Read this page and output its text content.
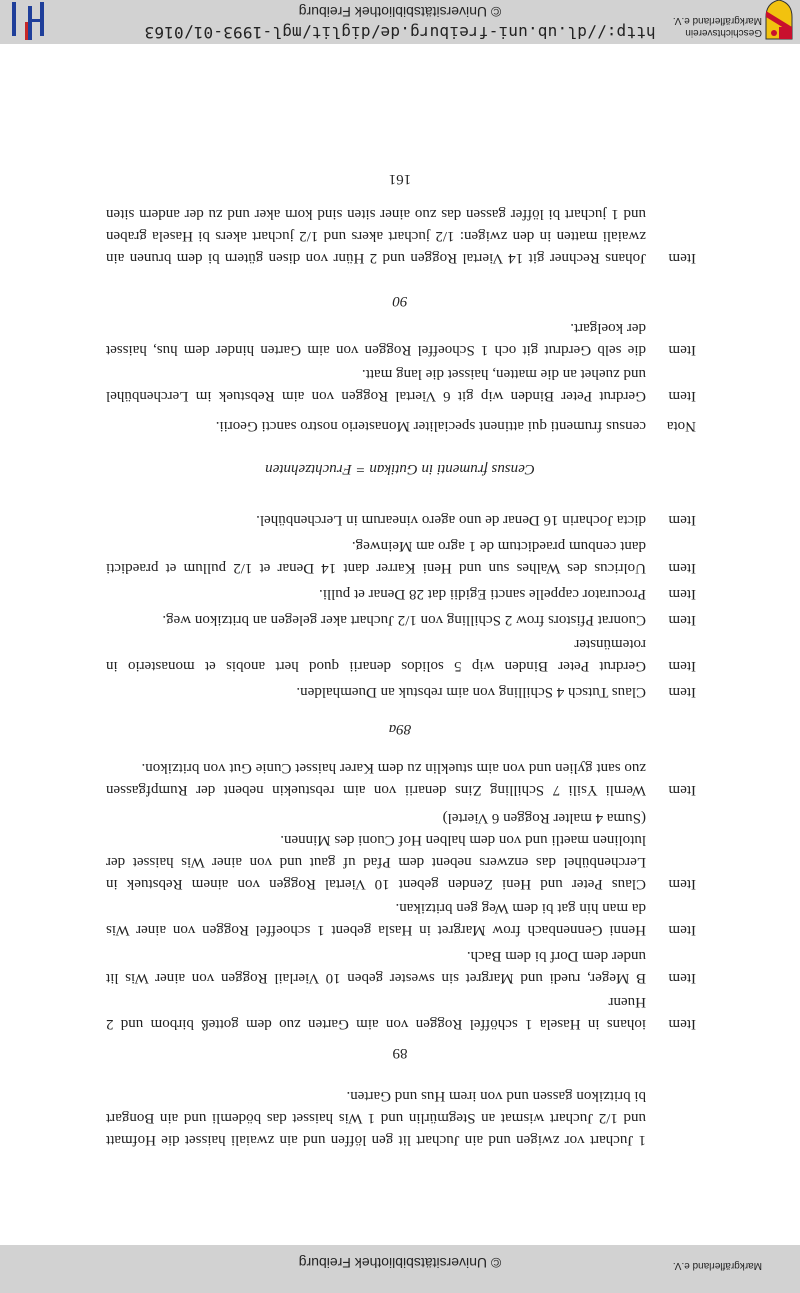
© Universitätsbibliothek Freiburg	Markgräflerland e.V.
1 Juchart vor zwigen und ain Juchart lit gen löffen und ain zwaiali haisset die Hofmatt
und 1/2 Juchart wismat an Stegmürlin und 1 Wis haisset das bödemli und ain Bongart
bi britzikon gassen und von irem Hus und Garten.
89
Item
iohans in Hasela 1 schöffel Roggen von aim Garten zuo dem gotteß birbom und 2
Huenr
Item
B Meger, ruedi und Margret sin swester geben 10 Vierlail Roggen von ainer Wis lit
under dem Dorf bi dem Bach.
Item
Henni Gennenbach frow Margret in Hasla gebent 1 schoeffel Roggen von ainer Wis
da man hin gat bi dem Weg gen britzikan.
Item
Claus Peter und Heni Zenden gebent 10 Viertal Roggen von ainem Rebstuek in
Lerchenbühel das enzwers nebent dem Pfad uf gaut und von ainer Wis haisset der
lutolinen maetli und von dem halben Hof Cuoni des Minnen.
(Suma 4 malter Roggen 6 Viertel)
Item
Wernli Ysili 7 Schilling Zins denarii von aim rebstuekin nebent der Rumpfgassen
zuo sant gylien und von aim stueklin zu dem Karer haisset Cunie Gut von britzikon.
89a
Item
Claus Tutsch 4 Schilling von aim rebstuk an Duemhalden.
Item
Gerdrut Peter Binden wip 5 solidos denarii quod hert anobis et monasterio in
rotemünster
Item
Cuonrat Pfistors frow 2 Schilling von 1/2 Juchart aker gelegen an britzikon weg.
Item
Procurator cappelle sancti Egidii dat 28 Denar et pulli.
Item
Uolricus des Walhes sun und Heni Karrer dant 14 Denar et 1/2 pullum et praedicti
dant cenbum praedictum de 1 agro am Meinweg.
Item
dicta Jocharin 16 Denar de uno agero vinearum in Lerchenbühel.
Census frumenti in Gutikan = Fruchtzehnten
Nota
census frumenti qui attinent specialiter Monasterio nostro sancti Georii.
Item
Gerdrut Peter Binden wip git 6 Viertal Roggen von aim Rebstuek im Lerchenbühel
und zuehet an die matten, haisset die lang matt.
Item
die selb Gerdrut git och 1 Schoeffel Roggen von aim Garten hinder dem hus, haisset
der koelgart.
90
Item
Johans Rechner git 14 Viertal Roggen und 2 Hünr von disen gütern bi dem brunen ain
zwaiali matten in den zwigen: 1/2 juchart akers und 1/2 juchart akers bi Hasela graben
und 1 juchart bi löffer gassen das zuo ainer siten sind korn aker und zu der andern siten
161
Geschichtsverein
Markgräflerland e.V.
http://dl.ub.uni-freiburg.de/diglit/mgl-1993-01/0163
© Universitätsbibliothek Freiburg
